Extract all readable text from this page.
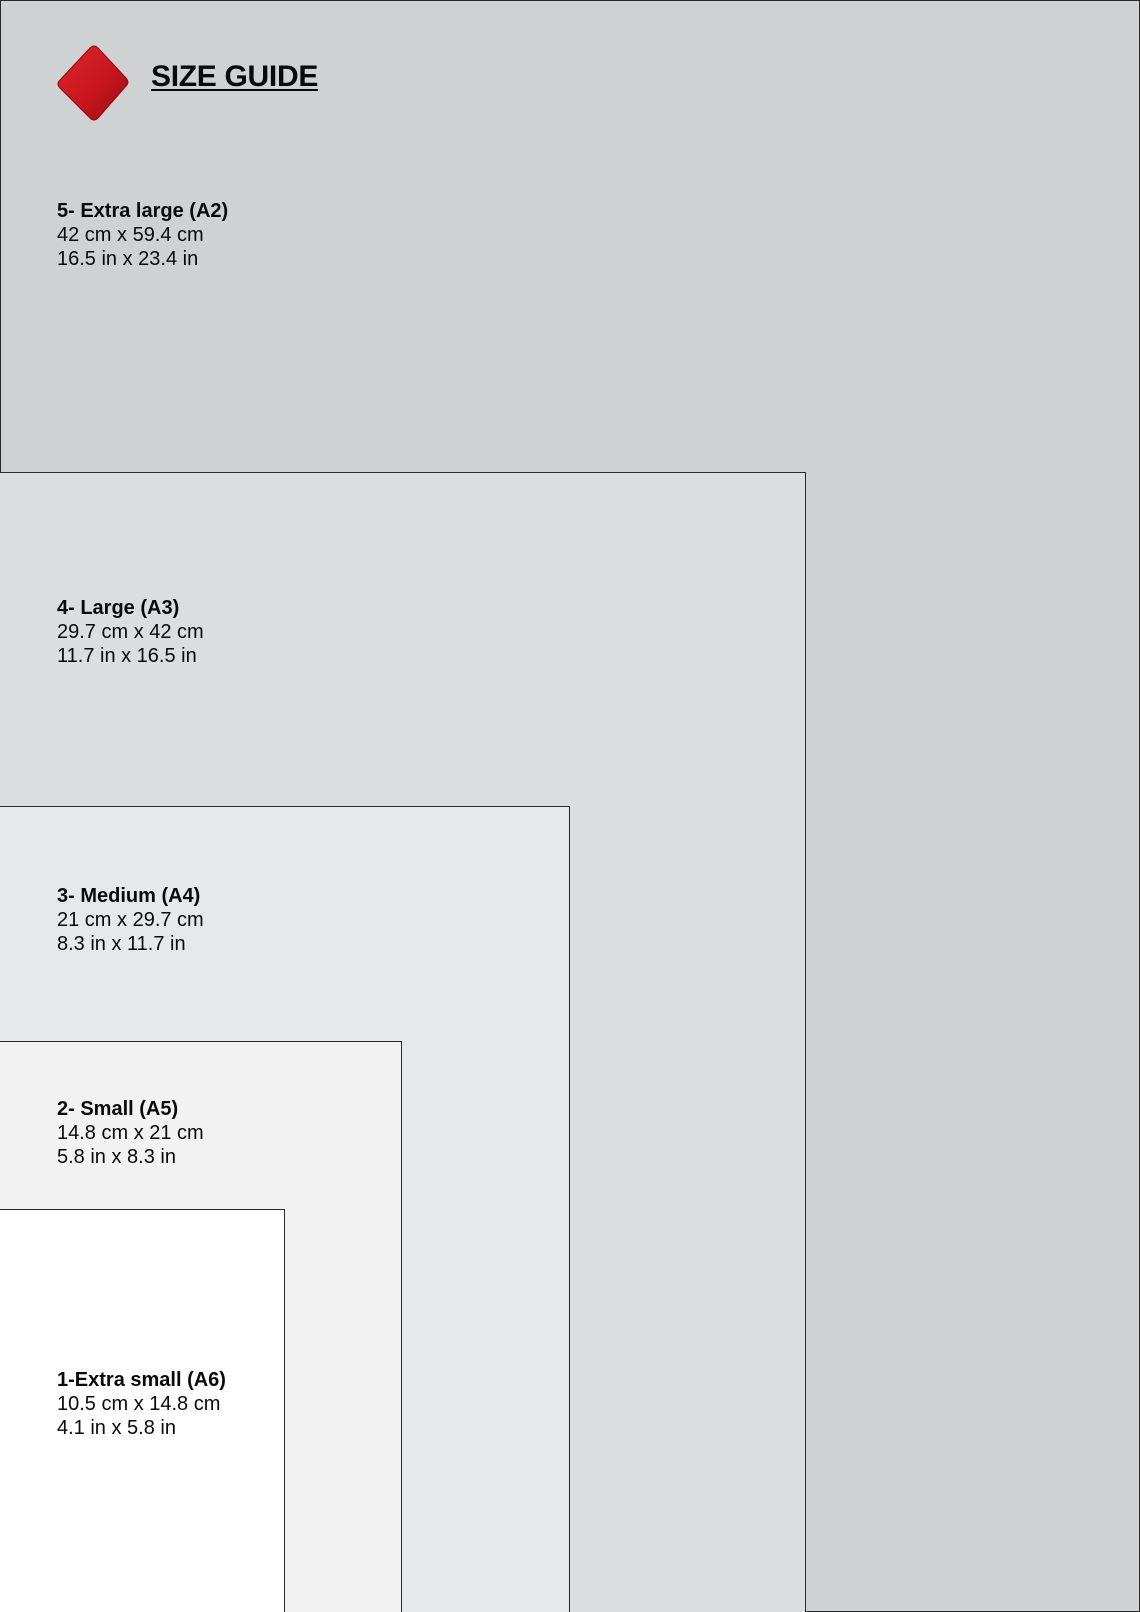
SIZE GUIDE
5- Extra large (A2)
42 cm x 59.4 cm
16.5 in x 23.4 in
4- Large (A3)
29.7 cm x 42 cm
11.7 in x 16.5 in
3- Medium (A4)
21 cm x 29.7 cm
8.3 in x 11.7 in
2- Small (A5)
14.8 cm x 21 cm
5.8 in x 8.3 in
1-Extra small (A6)
10.5 cm x 14.8 cm
4.1 in x 5.8 in
